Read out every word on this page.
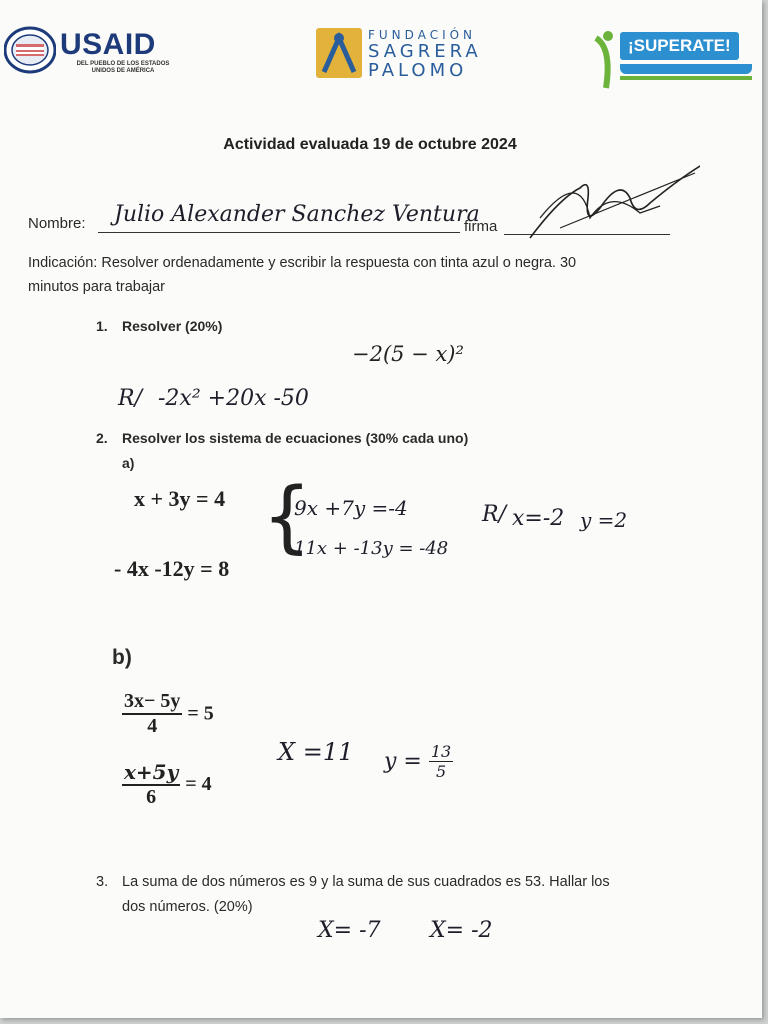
USAID
DEL PUEBLO DE LOS ESTADOS
UNIDOS DE AMÉRICA
FUNDACIÓN
SAGRERA
PALOMO
¡SUPERATE!
Actividad evaluada 19 de octubre 2024
Nombre: Julio Alexander Sanchez Ventura
firma
Indicación: Resolver ordenadamente y escribir la respuesta con tinta azul o negra. 30
minutos para trabajar
1. Resolver (20%)
−2(5 − x)²
R/ -2x² +20x -50
2. Resolver los sistema de ecuaciones (30% cada uno)
a)
x + 3y = 4
- 4x -12y = 8
{
9x +7y =-4
11x + -13y = -48
R/ x=-2 y =2
b)
$\frac{3x- 5y}{4} = 5$
$\frac{x+5y}{6} = 4$
X =11 $y = \frac{13}{5}$
3. La suma de dos números es 9 y la suma de sus cuadrados es 53. Hallar los
dos números. (20%)
X= -7 X= -2
